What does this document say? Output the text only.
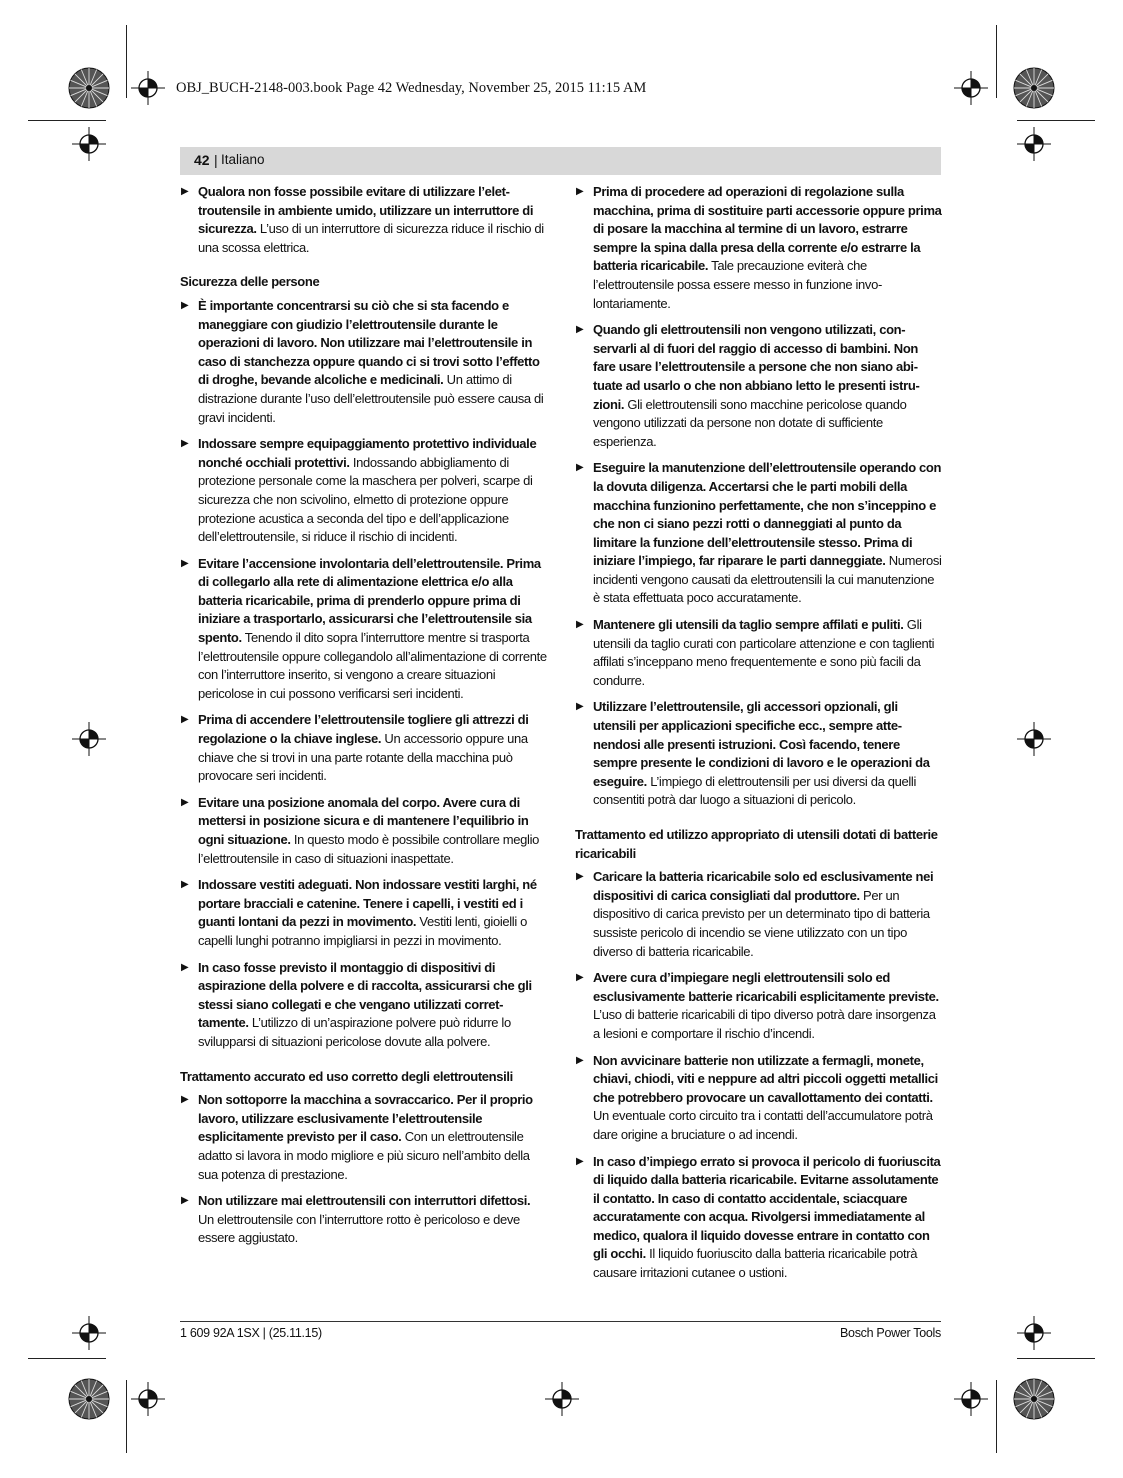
OBJ_BUCH-2148-003.book Page 42 Wednesday, November 25, 2015 11:15 AM
42 | Italiano
▶ Qualora non fosse possibile evitare di utilizzare l’elettroutensile in ambiente umido, utilizzare un interruttore di sicurezza. L’uso di un interruttore di sicurezza riduce il rischio di una scossa elettrica.
Sicurezza delle persone
▶ È importante concentrarsi su ciò che si sta facendo e maneggiare con giudizio l’elettroutensile durante le operazioni di lavoro. Non utilizzare mai l’elettroutensile in caso di stanchezza oppure quando ci si trovi sotto l’effetto di droghe, bevande alcoliche e medicinali. Un attimo di distrazione durante l’uso dell’elettroutensile può essere causa di gravi incidenti.
▶ Indossare sempre equipaggiamento protettivo individuale nonché occhiali protettivi. Indossando abbigliamento di protezione personale come la maschera per polveri, scarpe di sicurezza che non scivolino, elmetto di protezione oppure protezione acustica a seconda del tipo e dell’applicazione dell’elettroutensile, si riduce il rischio di incidenti.
▶ Evitare l’accensione involontaria dell’elettroutensile. Prima di collegarlo alla rete di alimentazione elettrica e/o alla batteria ricaricabile, prima di prenderlo oppure prima di iniziare a trasportarlo, assicurarsi che l’elettroutensile sia spento. Tenendo il dito sopra l’interruttore mentre si trasporta l’elettroutensile oppure collegandolo all’alimentazione di corrente con l’interruttore inserito, si vengono a creare situazioni pericolose in cui possono verificarsi seri incidenti.
▶ Prima di accendere l’elettroutensile togliere gli attrezzi di regolazione o la chiave inglese. Un accessorio oppure una chiave che si trovi in una parte rotante della macchina può provocare seri incidenti.
▶ Evitare una posizione anomala del corpo. Avere cura di mettersi in posizione sicura e di mantenere l’equilibrio in ogni situazione. In questo modo è possibile controllare meglio l’elettroutensile in caso di situazioni inaspettate.
▶ Indossare vestiti adeguati. Non indossare vestiti larghi, né portare bracciali e catenine. Tenere i capelli, i vestiti ed i guanti lontani da pezzi in movimento. Vestiti lenti, gioielli o capelli lunghi potranno impigliarsi in pezzi in movimento.
▶ In caso fosse previsto il montaggio di dispositivi di aspirazione della polvere e di raccolta, assicurarsi che gli stessi siano collegati e che vengano utilizzati correttamente. L’utilizzo di un’aspirazione polvere può ridurre lo svilupparsi di situazioni pericolose dovute alla polvere.
Trattamento accurato ed uso corretto degli elettroutensili
▶ Non sottoporre la macchina a sovraccarico. Per il proprio lavoro, utilizzare esclusivamente l’elettroutensile esplicitamente previsto per il caso. Con un elettroutensile adatto si lavora in modo migliore e più sicuro nell’ambito della sua potenza di prestazione.
▶ Non utilizzare mai elettroutensili con interruttori difettosi. Un elettroutensile con l’interruttore rotto è pericoloso e deve essere aggiustato.
▶ Prima di procedere ad operazioni di regolazione sulla macchina, prima di sostituire parti accessorie oppure prima di posare la macchina al termine di un lavoro, estrarre sempre la spina dalla presa della corrente e/o estrarre la batteria ricaricabile. Tale precauzione eviterà che l’elettroutensile possa essere messo in funzione involontariamente.
▶ Quando gli elettroutensili non vengono utilizzati, conservarli al di fuori del raggio di accesso di bambini. Non fare usare l’elettroutensile a persone che non siano abituate ad usarlo o che non abbiano letto le presenti istruzioni. Gli elettroutensili sono macchine pericolose quando vengono utilizzati da persone non dotate di sufficiente esperienza.
▶ Eseguire la manutenzione dell’elettroutensile operando con la dovuta diligenza. Accertarsi che le parti mobili della macchina funzionino perfettamente, che non s’inceppino e che non ci siano pezzi rotti o danneggiati al punto da limitare la funzione dell’elettroutensile stesso. Prima di iniziare l’impiego, far riparare le parti danneggiate. Numerosi incidenti vengono causati da elettroutensili la cui manutenzione è stata effettuata poco accuratamente.
▶ Mantenere gli utensili da taglio sempre affilati e puliti. Gli utensili da taglio curati con particolare attenzione e con taglienti affilati s’inceppano meno frequentemente e sono più facili da condurre.
▶ Utilizzare l’elettroutensile, gli accessori opzionali, gli utensili per applicazioni specifiche ecc., sempre attenendosi alle presenti istruzioni. Così facendo, tenere sempre presente le condizioni di lavoro e le operazioni da eseguire. L’impiego di elettroutensili per usi diversi da quelli consentiti potrà dar luogo a situazioni di pericolo.
Trattamento ed utilizzo appropriato di utensili dotati di batterie ricaricabili
▶ Caricare la batteria ricaricabile solo ed esclusivamente nei dispositivi di carica consigliati dal produttore. Per un dispositivo di carica previsto per un determinato tipo di batteria sussiste pericolo di incendio se viene utilizzato con un tipo diverso di batteria ricaricabile.
▶ Avere cura d’impiegare negli elettroutensili solo ed esclusivamente batterie ricaricabili esplicitamente previste. L’uso di batterie ricaricabili di tipo diverso potrà dare insorgenza a lesioni e comportare il rischio d’incendi.
▶ Non avvicinare batterie non utilizzate a fermagli, monete, chiavi, chiodi, viti e neppure ad altri piccoli oggetti metallici che potrebbero provocare un cavallottamento dei contatti. Un eventuale corto circuito tra i contatti dell’accumulatore potrà dare origine a bruciature o ad incendi.
▶ In caso d’impiego errato si provoca il pericolo di fuoriuscita di liquido dalla batteria ricaricabile. Evitarne assolutamente il contatto. In caso di contatto accidentale, sciacquare accuratamente con acqua. Rivolgersi immediatamente al medico, qualora il liquido dovesse entrare in contatto con gli occhi. Il liquido fuoriuscito dalla batteria ricaricabile potrà causare irritazioni cutanee o ustioni.
1 609 92A 1SX | (25.11.15)	Bosch Power Tools
